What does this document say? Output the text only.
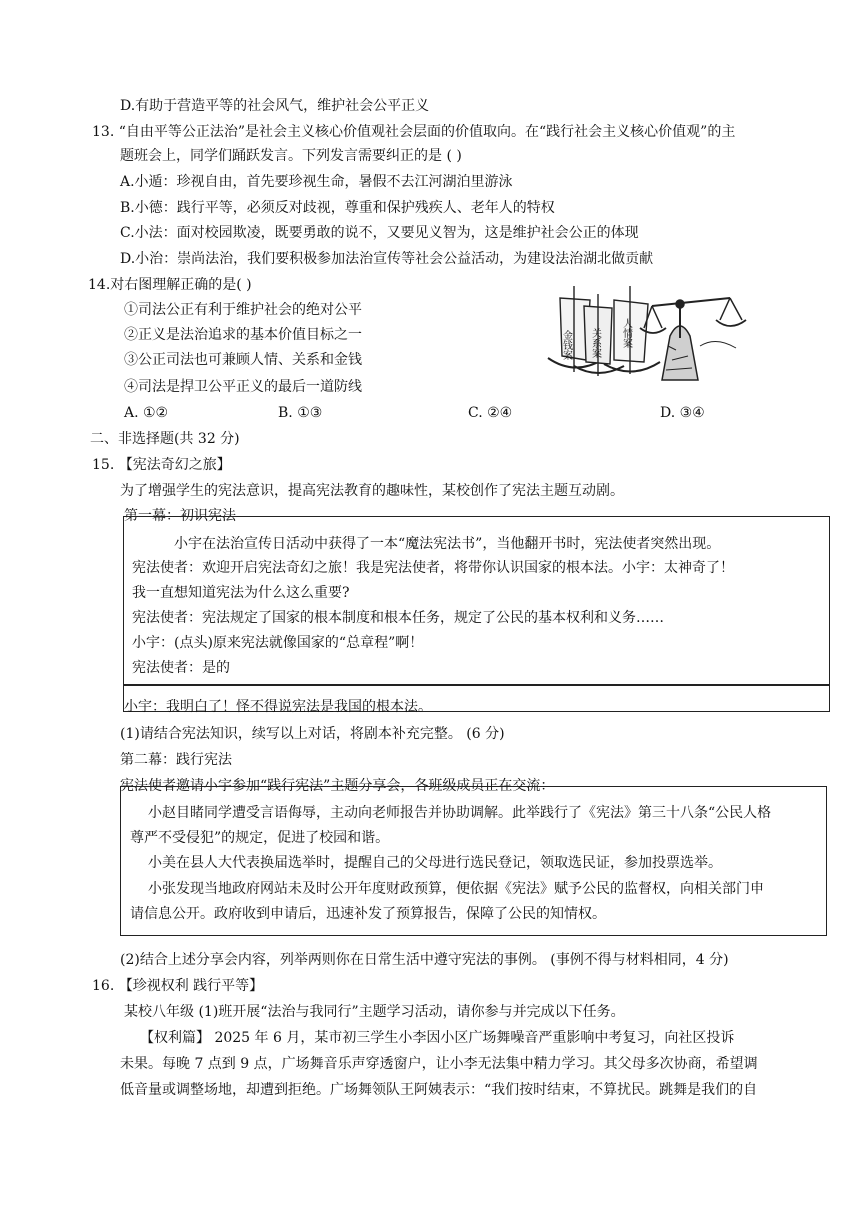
D.有助于营造平等的社会风气，维护社会公平正义
13. “自由平等公正法治”是社会主义核心价值观社会层面的价值取向。在“践行社会主义核心价值观”的主
题班会上，同学们踊跃发言。下列发言需要纠正的是 ( )
A.小遁：珍视自由，首先要珍视生命，暑假不去江河湖泊里游泳
B.小德：践行平等，必须反对歧视，尊重和保护残疾人、老年人的特权
C.小法：面对校园欺凌，既要勇敢的说不，又要见义智为，这是维护社会公正的体现
D.小治：崇尚法治，我们要积极参加法治宣传等社会公益活动，为建设法治湖北做贡献
14.对右图理解正确的是( )
①司法公正有利于维护社会的绝对公平
②正义是法治追求的基本价值目标之一
③公正司法也可兼顾人情、关系和金钱
④司法是捍卫公平正义的最后一道防线
A. ①②	B. ①③	C. ②④	D. ③④
金钱案 关系案 人情案
二、非选择题(共 32 分)
15. 【宪法奇幻之旅】
为了增强学生的宪法意识，提高宪法教育的趣味性，某校创作了宪法主题互动剧。
第一幕：初识宪法
小宇在法治宣传日活动中获得了一本“魔法宪法书”，当他翻开书时，宪法使者突然出现。
宪法使者：欢迎开启宪法奇幻之旅！我是宪法使者，将带你认识国家的根本法。小宇：太神奇了！
我一直想知道宪法为什么这么重要?
宪法使者：宪法规定了国家的根本制度和根本任务，规定了公民的基本权利和义务……
小宇：(点头)原来宪法就像国家的“总章程”啊！
宪法使者：是的
小宇：我明白了！怪不得说宪法是我国的根本法。
(1)请结合宪法知识，续写以上对话，将剧本补充完整。 (6 分)
第二幕：践行宪法
宪法使者邀请小宇参加“践行宪法”主题分享会，各班级成员正在交流：
小赵目睹同学遭受言语侮辱，主动向老师报告并协助调解。此举践行了《宪法》第三十八条“公民人格
尊严不受侵犯”的规定，促进了校园和谐。
小美在县人大代表换届选举时，提醒自己的父母进行选民登记，领取选民证，参加投票选举。
小张发现当地政府网站未及时公开年度财政预算，便依据《宪法》赋予公民的监督权，向相关部门申
请信息公开。政府收到申请后，迅速补发了预算报告，保障了公民的知情权。
(2)结合上述分享会内容，列举两则你在日常生活中遵守宪法的事例。 (事例不得与材料相同，4 分)
16. 【珍视权利 践行平等】
某校八年级 (1)班开展“法治与我同行”主题学习活动，请你参与并完成以下任务。
【权利篇】 2025 年 6 月，某市初三学生小李因小区广场舞噪音严重影响中考复习，向社区投诉
未果。每晚 7 点到 9 点，广场舞音乐声穿透窗户，让小李无法集中精力学习。其父母多次协商，希望调
低音量或调整场地，却遭到拒绝。广场舞领队王阿姨表示：“我们按时结束，不算扰民。跳舞是我们的自
